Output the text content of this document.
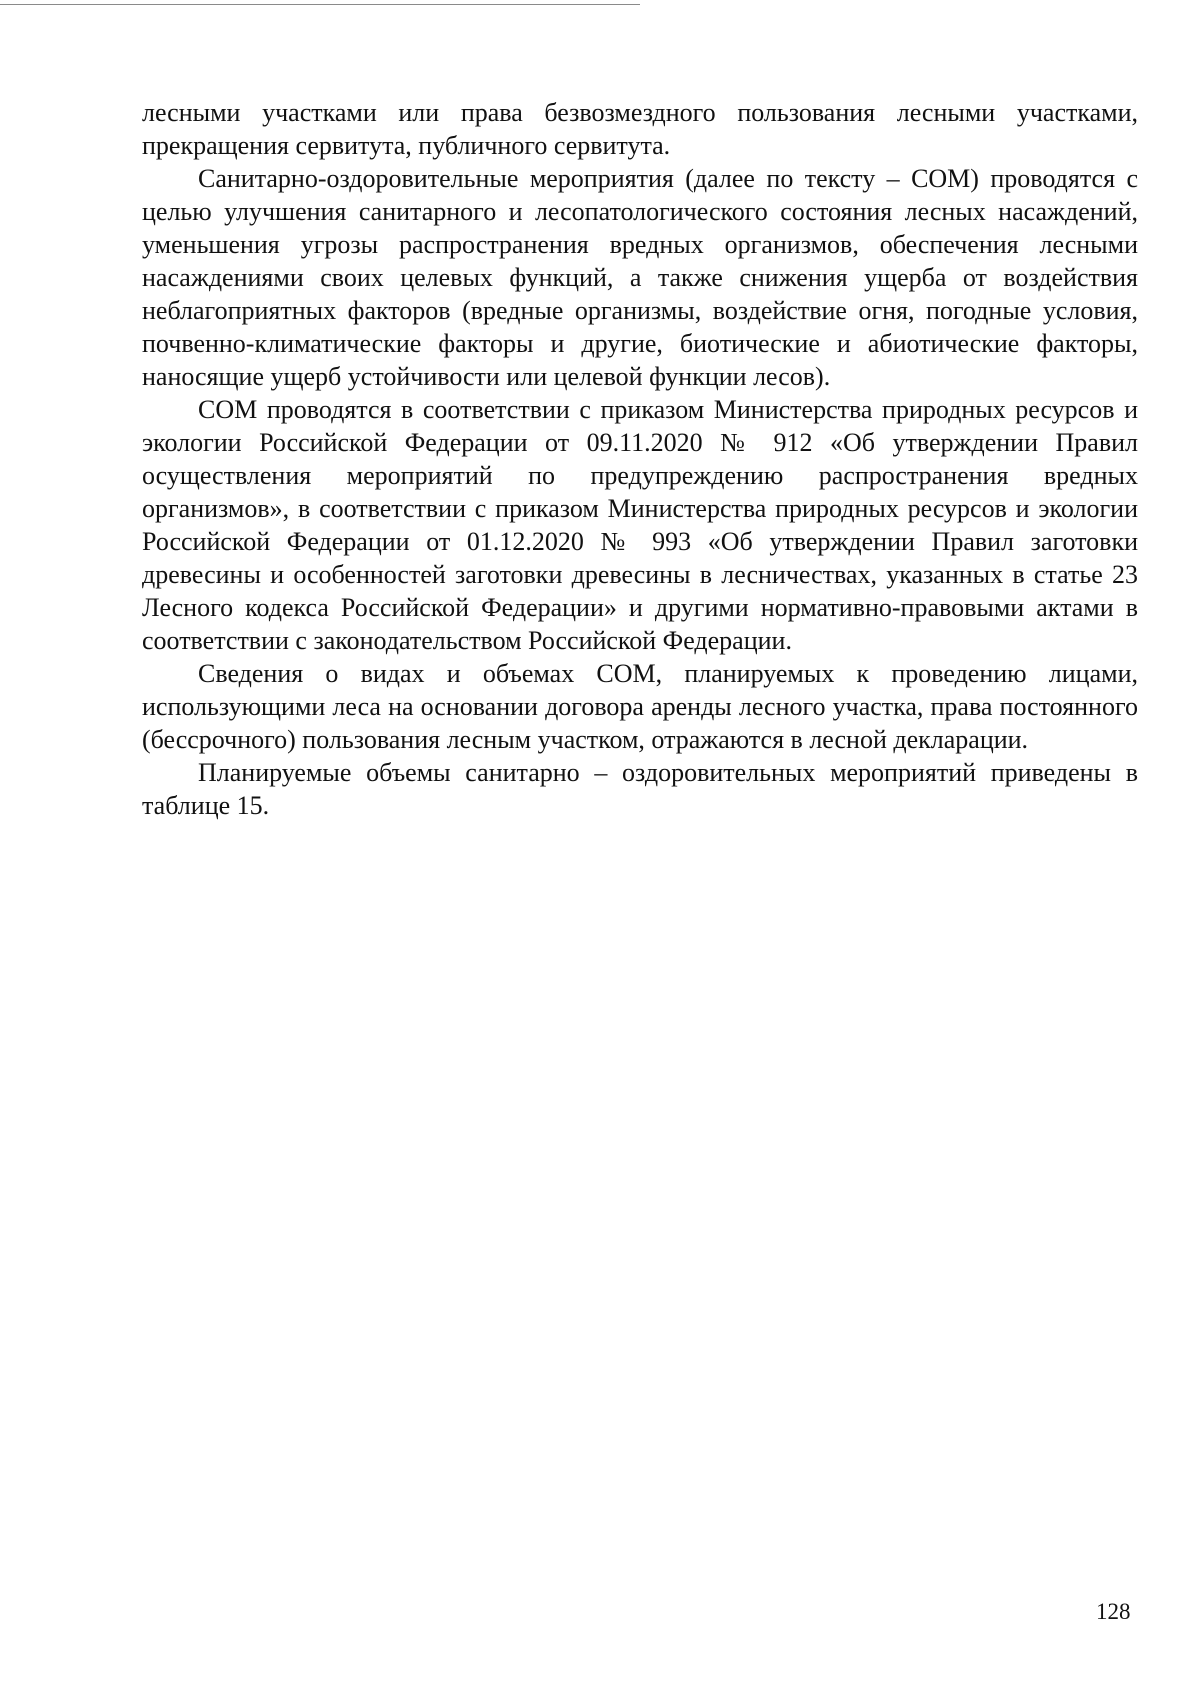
лесными участками или права безвозмездного пользования лесными участками, прекращения сервитута, публичного сервитута.

Санитарно-оздоровительные мероприятия (далее по тексту – СОМ) проводятся с целью улучшения санитарного и лесопатологического состояния лесных насаждений, уменьшения угрозы распространения вредных организмов, обеспечения лесными насаждениями своих целевых функций, а также снижения ущерба от воздействия неблагоприятных факторов (вредные организмы, воздействие огня, погодные условия, почвенно-климатические факторы и другие, биотические и абиотические факторы, наносящие ущерб устойчивости или целевой функции лесов).

СОМ проводятся в соответствии с приказом Министерства природных ресурсов и экологии Российской Федерации от 09.11.2020 № 912 «Об утверждении Правил осуществления мероприятий по предупреждению распространения вредных организмов», в соответствии с приказом Министерства природных ресурсов и экологии Российской Федерации от 01.12.2020 № 993 «Об утверждении Правил заготовки древесины и особенностей заготовки древесины в лесничествах, указанных в статье 23 Лесного кодекса Российской Федерации» и другими нормативно-правовыми актами в соответствии с законодательством Российской Федерации.

Сведения о видах и объемах СОМ, планируемых к проведению лицами, использующими леса на основании договора аренды лесного участка, права постоянного (бессрочного) пользования лесным участком, отражаются в лесной декларации.

Планируемые объемы санитарно – оздоровительных мероприятий приведены в таблице 15.

128
